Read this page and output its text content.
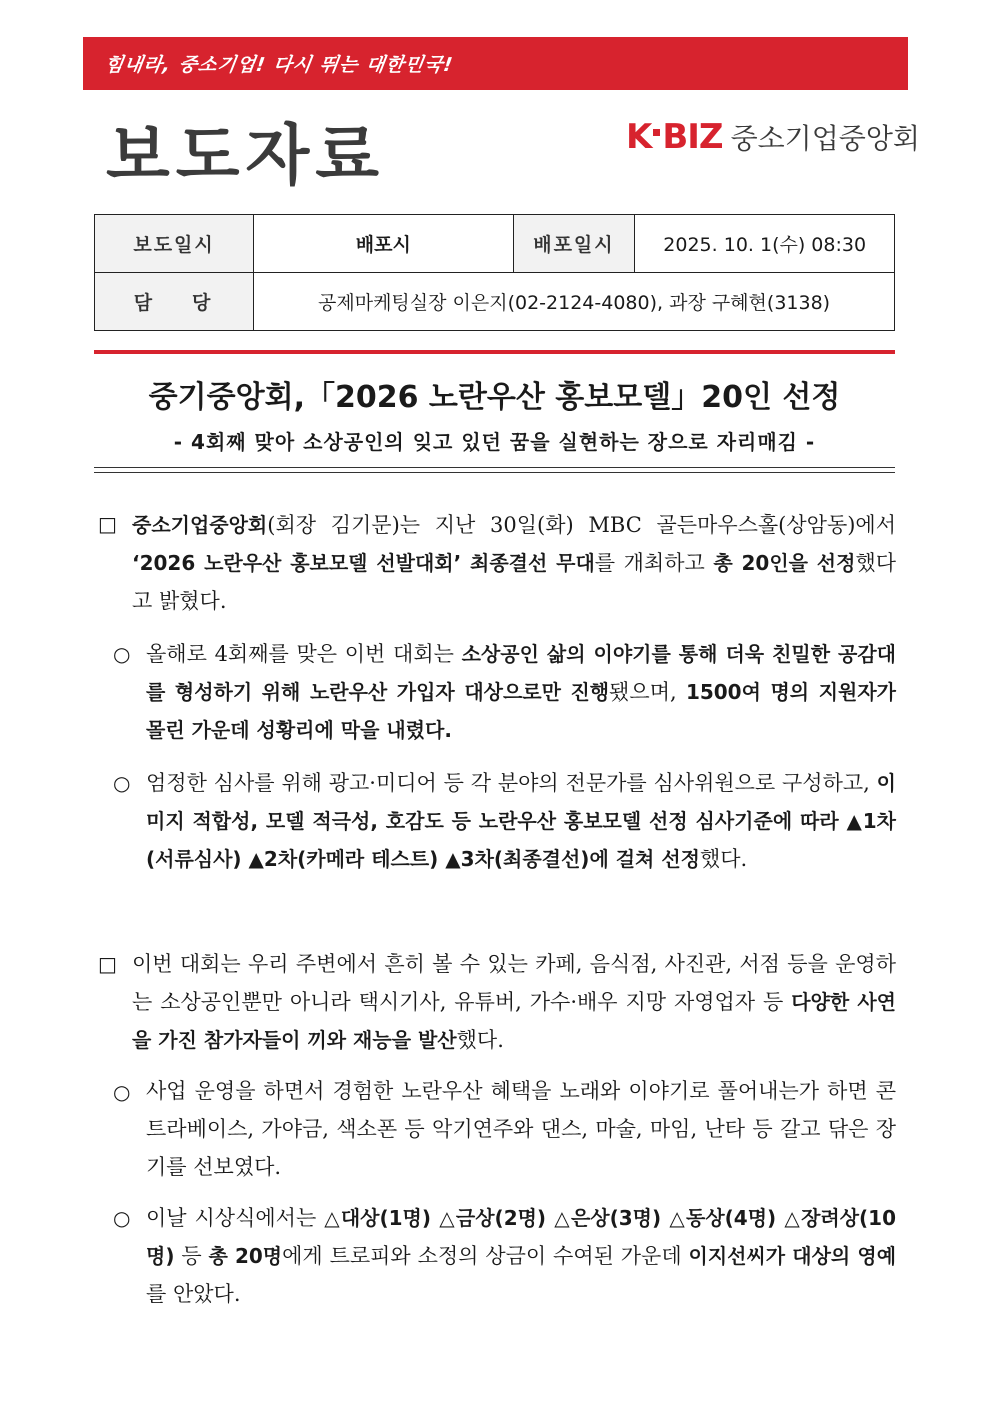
힘내라, 중소기업! 다시 뛰는 대한민국!
보도자료	K BIZ 중소기업중앙회
보도일시	배포시	배포일시	2025. 10. 1(수) 08:30
담당	공제마케팅실장 이은지(02-2124-4080), 과장 구혜현(3138)		
중기중앙회,「2026 노란우산 홍보모델」20인 선정
- 4회째 맞아 소상공인의 잊고 있던 꿈을 실현하는 장으로 자리매김 -
□ 중소기업중앙회(회장 김기문)는 지난 30일(화) MBC 골든마우스홀(상암동)에서 ‘2026 노란우산 홍보모델 선발대회’ 최종결선 무대를 개최하고 총 20인을 선정했다고 밝혔다.
○ 올해로 4회째를 맞은 이번 대회는 소상공인 삶의 이야기를 통해 더욱 친밀한 공감대를 형성하기 위해 노란우산 가입자 대상으로만 진행됐으며, 1500여 명의 지원자가 몰린 가운데 성황리에 막을 내렸다.
○ 엄정한 심사를 위해 광고·미디어 등 각 분야의 전문가를 심사위원으로 구성하고, 이미지 적합성, 모델 적극성, 호감도 등 노란우산 홍보모델 선정 심사기준에 따라 ▲1차(서류심사) ▲2차(카메라 테스트) ▲3차(최종결선)에 걸쳐 선정했다.
□ 이번 대회는 우리 주변에서 흔히 볼 수 있는 카페, 음식점, 사진관, 서점 등을 운영하는 소상공인뿐만 아니라 택시기사, 유튜버, 가수·배우 지망 자영업자 등 다양한 사연을 가진 참가자들이 끼와 재능을 발산했다.
○ 사업 운영을 하면서 경험한 노란우산 혜택을 노래와 이야기로 풀어내는가 하면 콘트라베이스, 가야금, 색소폰 등 악기연주와 댄스, 마술, 마임, 난타 등 갈고 닦은 장기를 선보였다.
○ 이날 시상식에서는 △대상(1명) △금상(2명) △은상(3명) △동상(4명) △장려상(10명) 등 총 20명에게 트로피와 소정의 상금이 수여된 가운데 이지선씨가 대상의 영예를 안았다.
